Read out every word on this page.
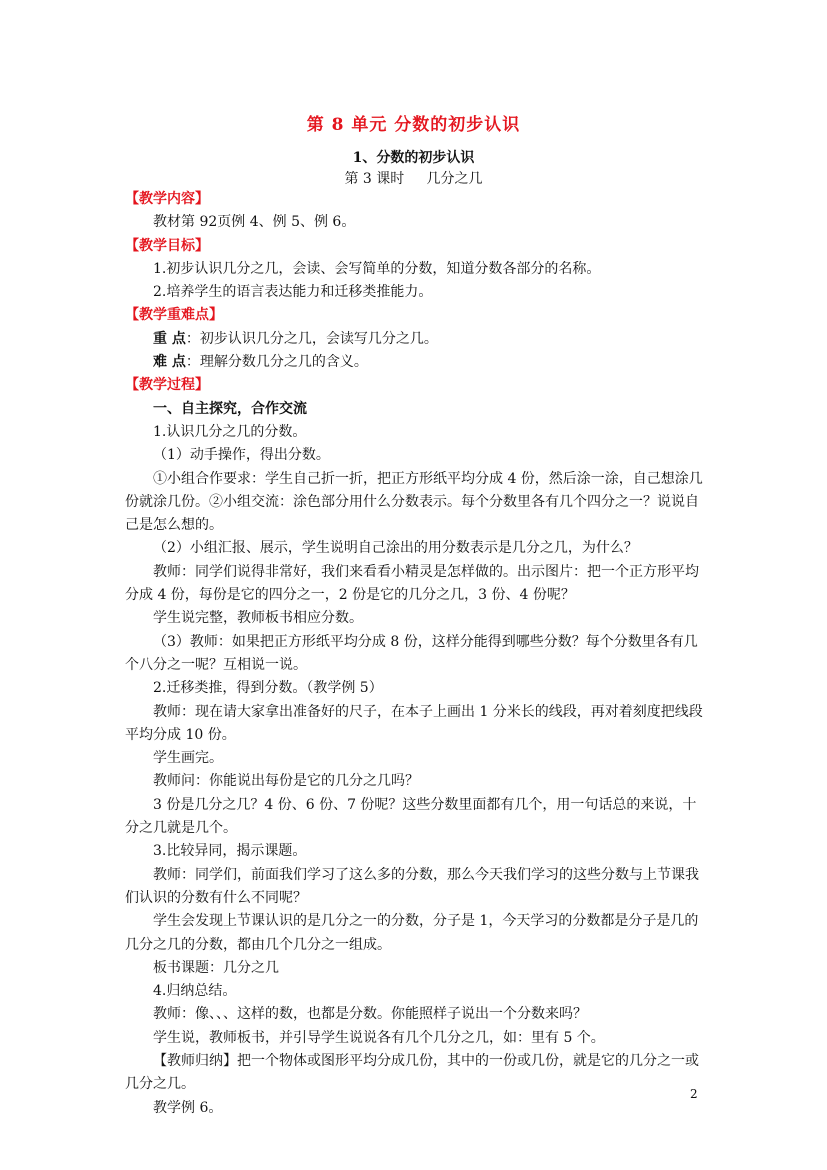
第 8 单元 分数的初步认识
1、分数的初步认识
第 3 课时     几分之几

【教学内容】

教材第 92页例 4、例 5、例 6。

【教学目标】

1.初步认识几分之几，会读、会写简单的分数，知道分数各部分的名称。

2.培养学生的语言表达能力和迁移类推能力。

【教学重难点】

重 点：初步认识几分之几，会读写几分之几。

难 点：理解分数几分之几的含义。

【教学过程】

一、自主探究，合作交流

1.认识几分之几的分数。

（1）动手操作，得出分数。

①小组合作要求：学生自己折一折，把正方形纸平均分成 4 份，然后涂一涂，自己想涂几份就涂几份。②小组交流：涂色部分用什么分数表示。每个分数里各有几个四分之一？说说自己是怎么想的。

（2）小组汇报、展示，学生说明自己涂出的用分数表示是几分之几，为什么？

教师：同学们说得非常好，我们来看看小精灵是怎样做的。出示图片：把一个正方形平均分成 4 份，每份是它的四分之一，2 份是它的几分之几，3 份、4 份呢？

学生说完整，教师板书相应分数。

（3）教师：如果把正方形纸平均分成 8 份，这样分能得到哪些分数？每个分数里各有几个八分之一呢？互相说一说。

2.迁移类推，得到分数。（教学例 5）

教师：现在请大家拿出准备好的尺子，在本子上画出 1 分米长的线段，再对着刻度把线段平均分成 10 份。

学生画完。

教师问：你能说出每份是它的几分之几吗？

3 份是几分之几？4 份、6 份、7 份呢？这些分数里面都有几个，用一句话总的来说，十分之几就是几个。

3.比较异同，揭示课题。

教师：同学们，前面我们学习了这么多的分数，那么今天我们学习的这些分数与上节课我们认识的分数有什么不同呢？

学生会发现上节课认识的是几分之一的分数，分子是 1，今天学习的分数都是分子是几的几分之几的分数，都由几个几分之一组成。

板书课题：几分之几

4.归纳总结。

教师：像、、、这样的数，也都是分数。你能照样子说出一个分数来吗？

学生说，教师板书，并引导学生说说各有几个几分之几，如：里有 5 个。

【教师归纳】把一个物体或图形平均分成几份，其中的一份或几份，就是它的几分之一或几分之几。

教学例 6。

2
